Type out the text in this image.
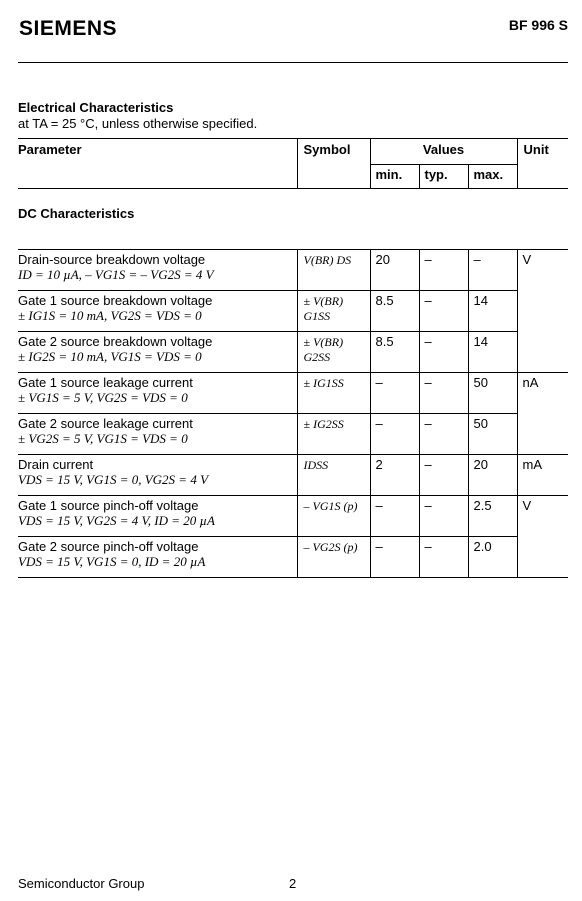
SIEMENS	BF 996 S
Electrical Characteristics
at TA = 25 °C, unless otherwise specified.
Parameter	Symbol	Values			Unit
		min.	typ.	max.	
DC Characteristics					

Drain-source breakdown voltage
ID = 10 µA, – VG1S = – VG2S = 4 V	V(BR) DS	20	–	–	V

Gate 1 source breakdown voltage
± IG1S = 10 mA, VG2S = VDS = 0	± V(BR) G1SS	8.5	–	14	

Gate 2 source breakdown voltage
± IG2S = 10 mA, VG1S = VDS = 0	± V(BR) G2SS	8.5	–	14	

Gate 1 source leakage current
± VG1S = 5 V, VG2S = VDS = 0	± IG1SS	–	–	50	nA

Gate 2 source leakage current
± VG2S = 5 V, VG1S = VDS = 0	± IG2SS	–	–	50	

Drain current
VDS = 15 V, VG1S = 0, VG2S = 4 V	IDSS	2	–	20	mA

Gate 1 source pinch-off voltage
VDS = 15 V, VG2S = 4 V, ID = 20 µA	– VG1S (p)	–	–	2.5	V

Gate 2 source pinch-off voltage
VDS = 15 V, VG1S = 0, ID = 20 µA	– VG2S (p)	–	–	2.0	
Semiconductor Group	2
